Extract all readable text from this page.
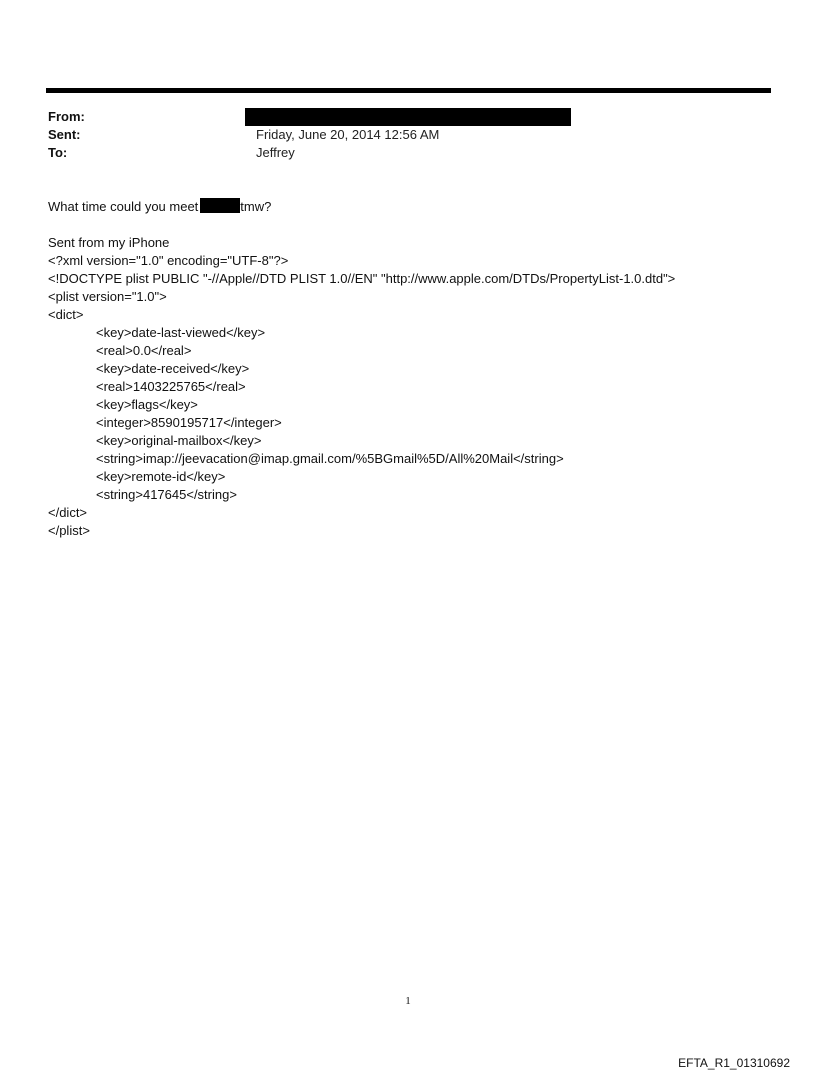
From:
Sent:	Friday, June 20, 2014 12:56 AM
To:	Jeffrey
What time could you meet	tmw?
Sent from my iPhone
<?xml version="1.0" encoding="UTF-8"?>
<!DOCTYPE plist PUBLIC "-//Apple//DTD PLIST 1.0//EN" "http://www.apple.com/DTDs/PropertyList-1.0.dtd">
<plist version="1.0">
<dict>
<key>date-last-viewed</key>
<real>0.0</real>
<key>date-received</key>
<real>1403225765</real>
<key>flags</key>
<integer>8590195717</integer>
<key>original-mailbox</key>
<string>imap://jeevacation@imap.gmail.com/%5BGmail%5D/All%20Mail</string>
<key>remote-id</key>
<string>417645</string>
</dict>
</plist>
1
EFTA_R1_01310692
